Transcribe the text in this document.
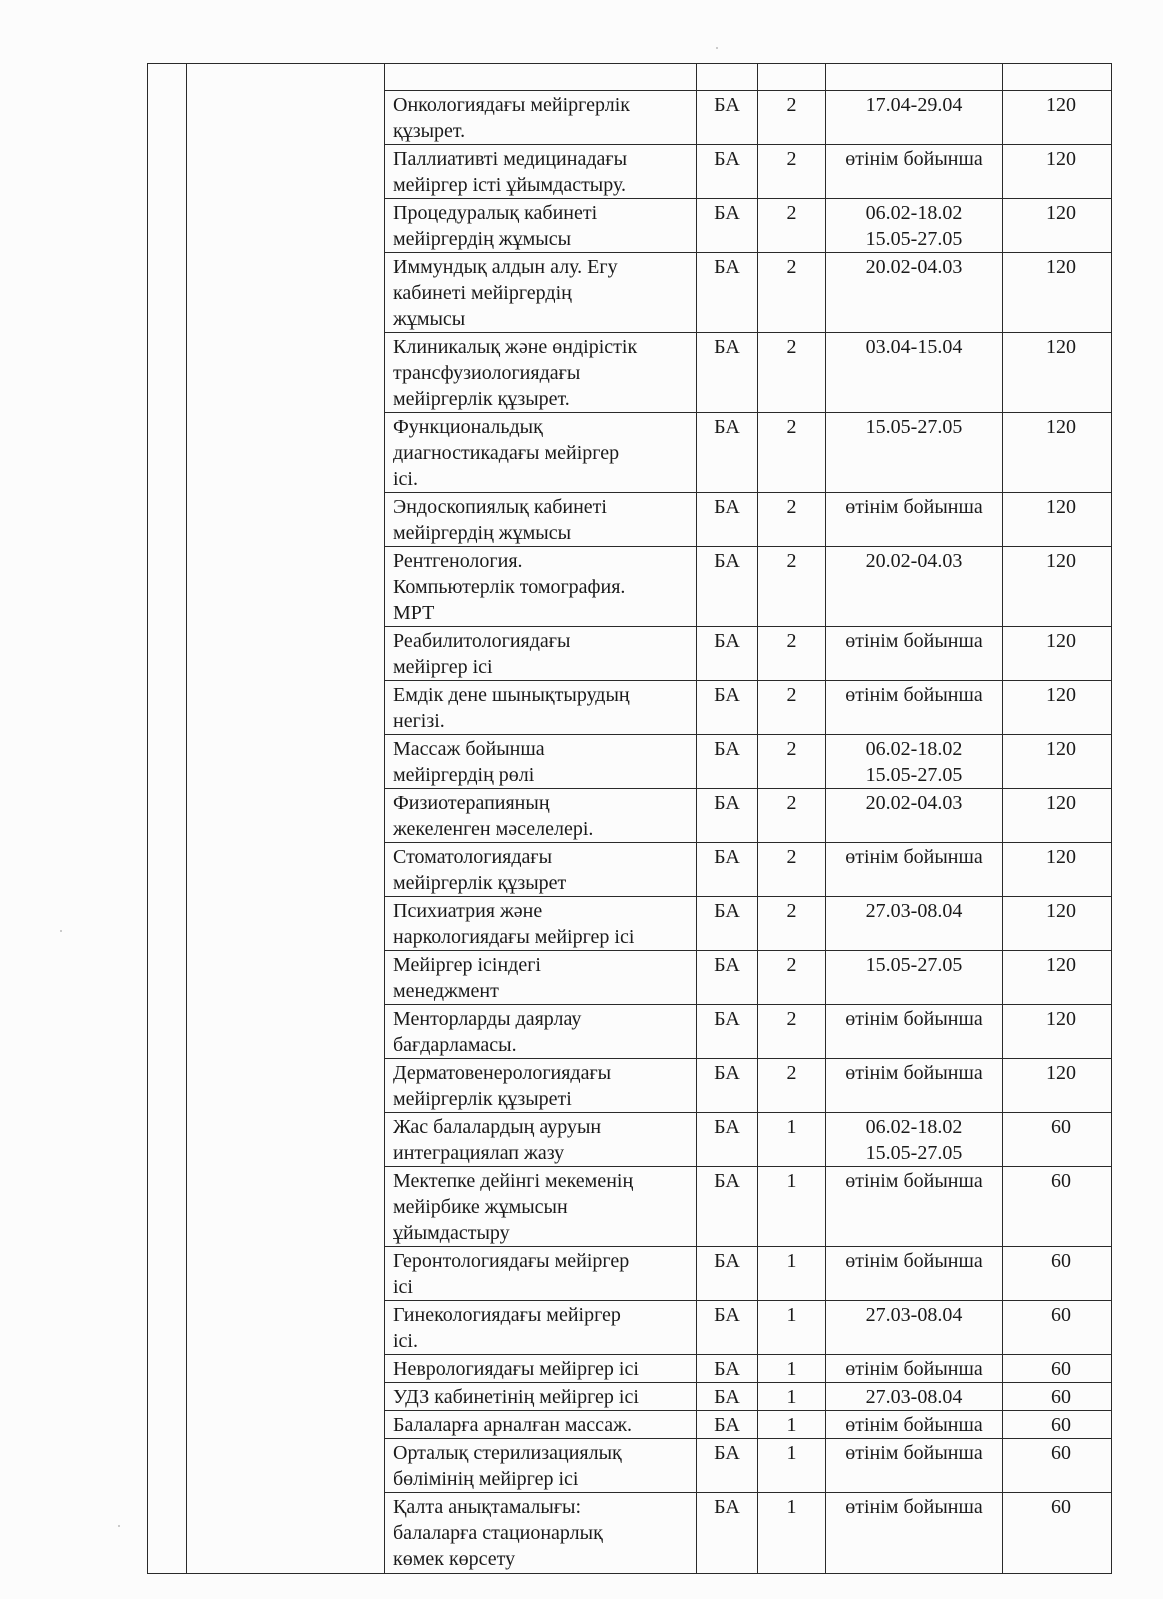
		Онкологиядағы мейіргерлік
құзырет.	БА	2	17.04-29.04	120

		Паллиативті медицинадағы
мейіргер істі ұйымдастыру.	БА	2	өтінім бойынша	120

		Процедуралық кабинеті
мейіргердің жұмысы	БА	2	06.02-18.02
15.05-27.05	120

		Иммундық алдын алу. Егу
кабинеті мейіргердің
жұмысы	БА	2	20.02-04.03	120

		Клиникалық және өндірістік
трансфузиологиядағы
мейіргерлік құзырет.	БА	2	03.04-15.04	120

		Функциональдық
диагностикадағы мейіргер
ісі.	БА	2	15.05-27.05	120

		Эндоскопиялық кабинеті
мейіргердің жұмысы	БА	2	өтінім бойынша	120

		Рентгенология.
Компьютерлік томография.
МРТ	БА	2	20.02-04.03	120

		Реабилитологиядағы
мейіргер ісі	БА	2	өтінім бойынша	120

		Емдік дене шынықтырудың
негізі.	БА	2	өтінім бойынша	120

		Массаж бойынша
мейіргердің рөлі	БА	2	06.02-18.02
15.05-27.05	120

		Физиотерапияның
жекеленген мәселелері.	БА	2	20.02-04.03	120

		Стоматологиядағы
мейіргерлік құзырет	БА	2	өтінім бойынша	120

		Психиатрия және
наркологиядағы мейіргер ісі	БА	2	27.03-08.04	120

		Мейіргер ісіндегі
менеджмент	БА	2	15.05-27.05	120

		Менторларды даярлау
бағдарламасы.	БА	2	өтінім бойынша	120

		Дерматовенерологиядағы
мейіргерлік құзыреті	БА	2	өтінім бойынша	120

		Жас балалардың ауруын
интеграциялап жазу	БА	1	06.02-18.02
15.05-27.05	60

		Мектепке дейінгі мекеменің
мейірбике жұмысын
ұйымдастыру	БА	1	өтінім бойынша	60

		Геронтологиядағы мейіргер
ісі	БА	1	өтінім бойынша	60

		Гинекологиядағы мейіргер
ісі.	БА	1	27.03-08.04	60

		Неврологиядағы мейіргер ісі	БА	1	өтінім бойынша	60

		УДЗ кабинетінің мейіргер ісі	БА	1	27.03-08.04	60

		Балаларға арналған массаж.	БА	1	өтінім бойынша	60

		Орталық стерилизациялық
бөлімінің мейіргер ісі	БА	1	өтінім бойынша	60

		Қалта анықтамалығы:
балаларға стационарлық
көмек көрсету	БА	1	өтінім бойынша	60
